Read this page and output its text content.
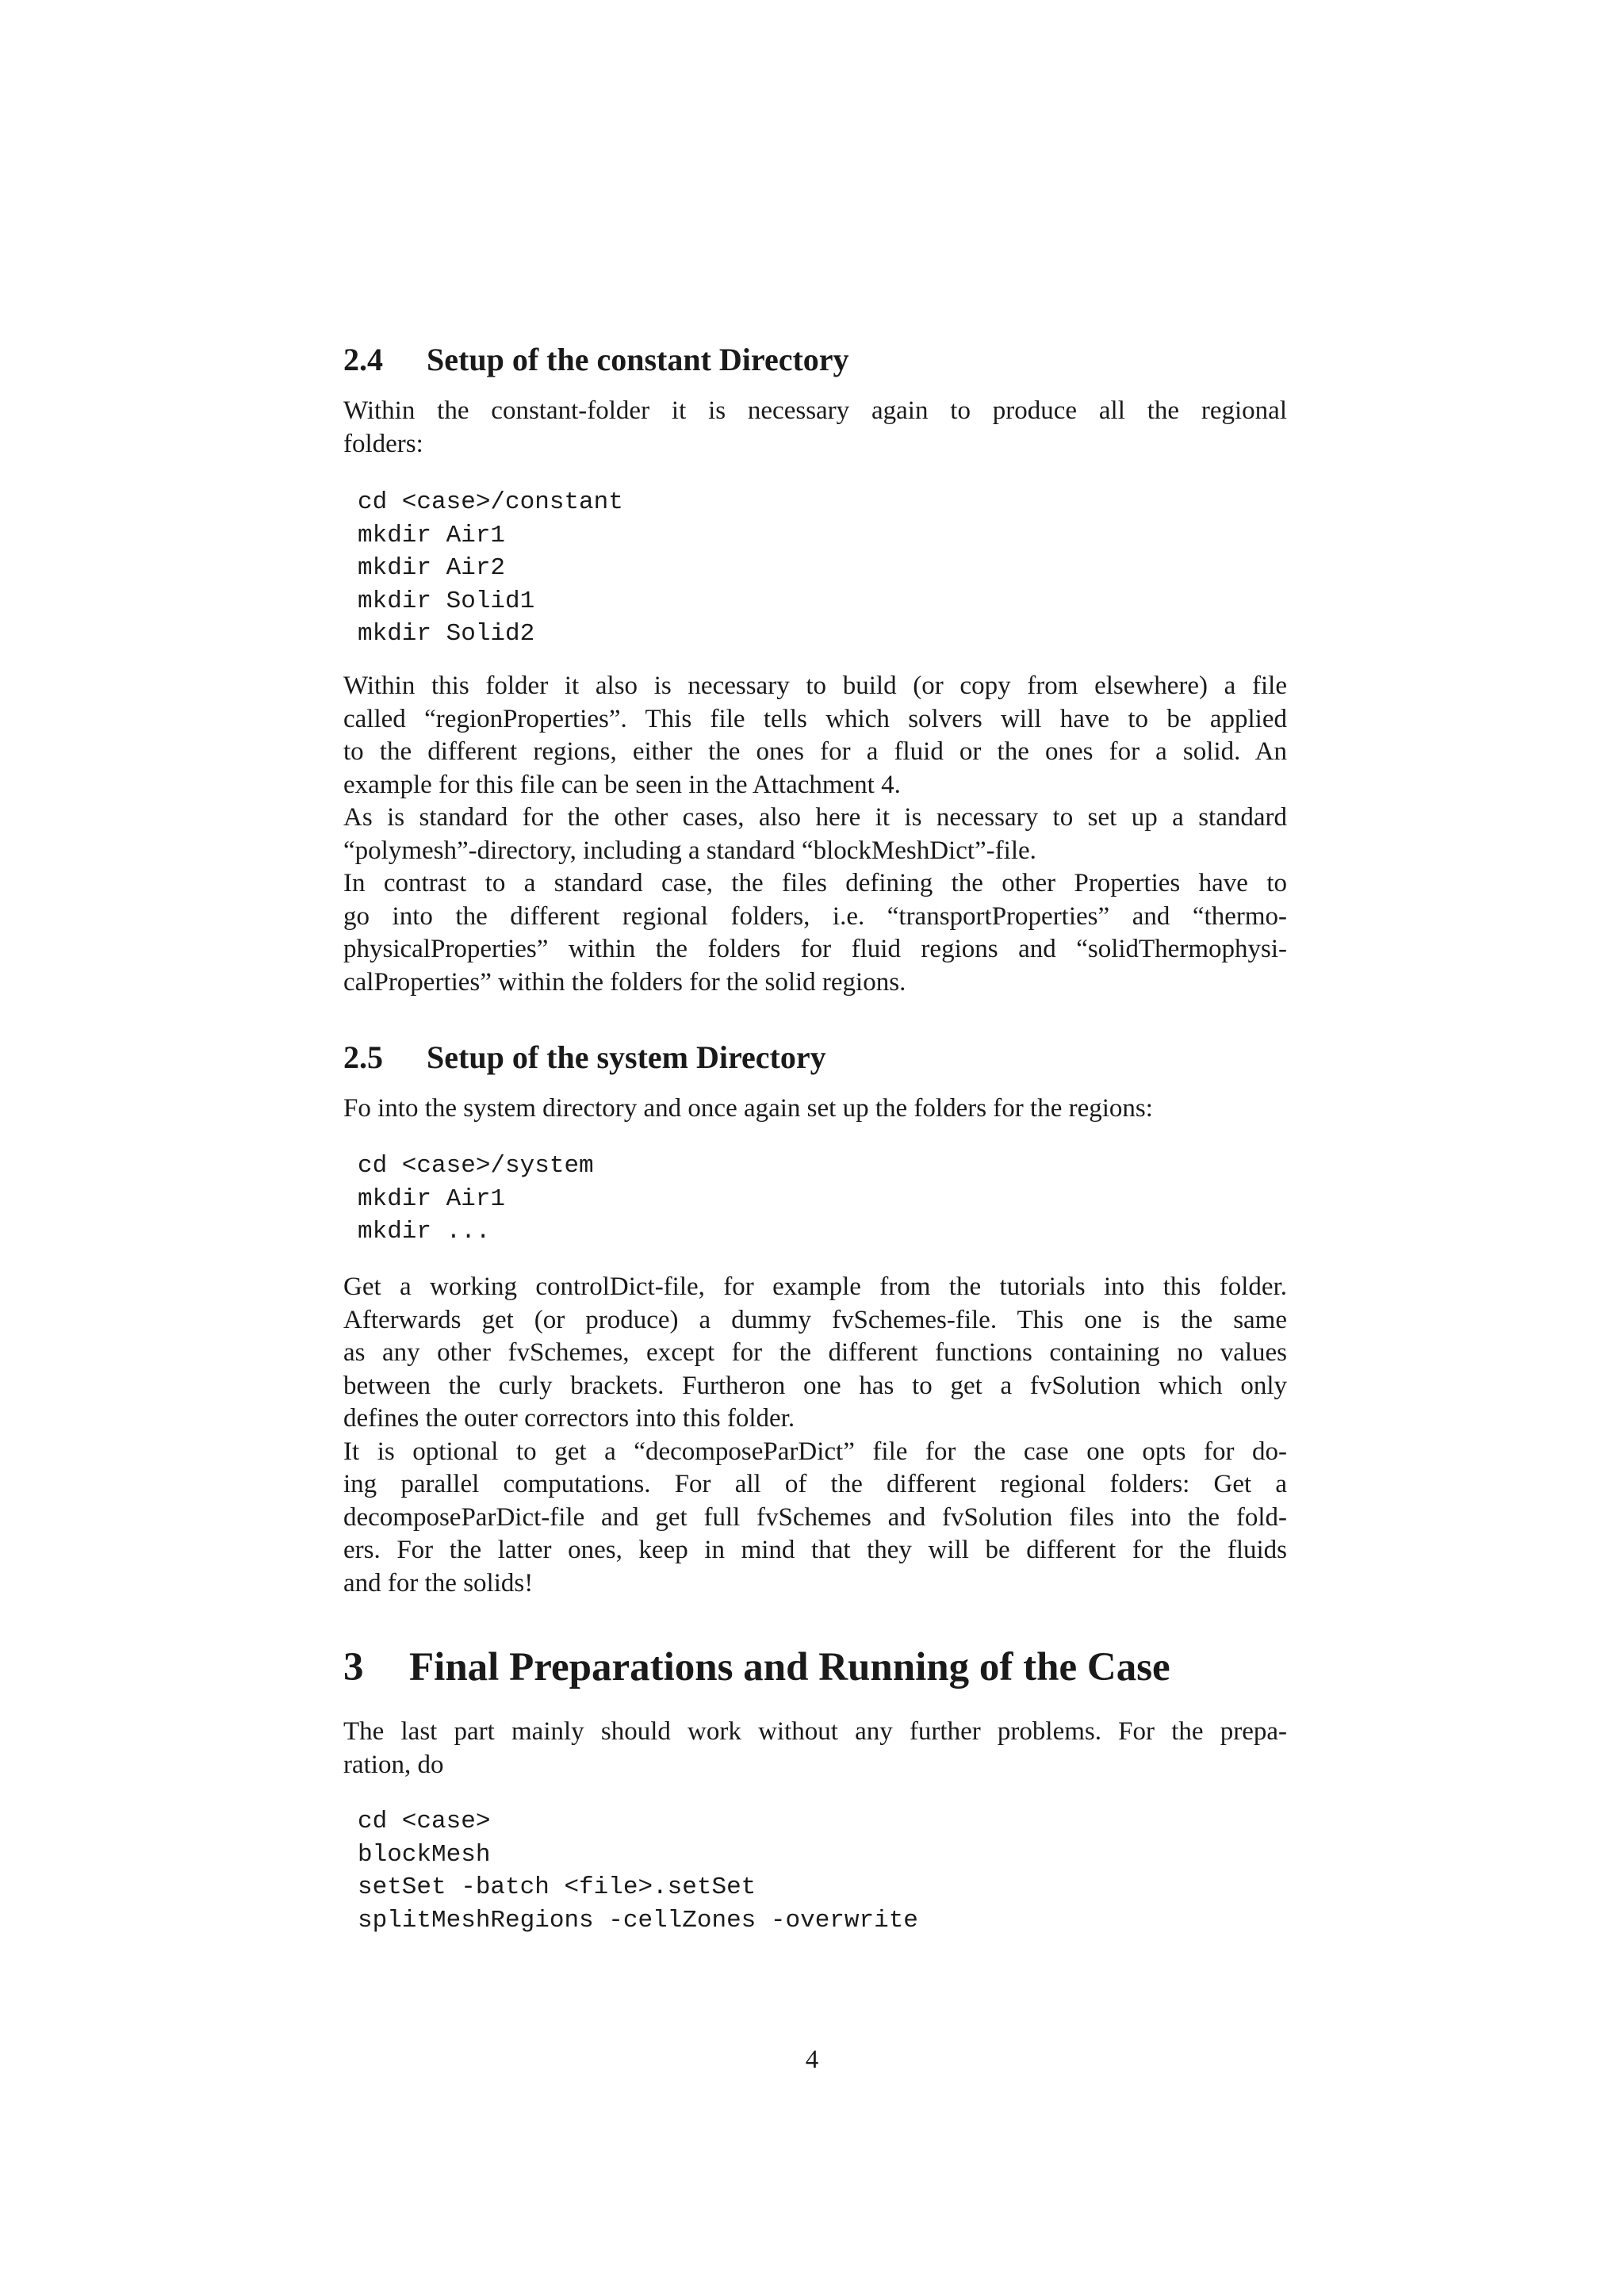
2.4 Setup of the constant Directory
Within the constant-folder it is necessary again to produce all the regional
folders:
cd <case>/constant
mkdir Air1
mkdir Air2
mkdir Solid1
mkdir Solid2
Within this folder it also is necessary to build (or copy from elsewhere) a file
called “regionProperties”. This file tells which solvers will have to be applied
to the different regions, either the ones for a fluid or the ones for a solid. An
example for this file can be seen in the Attachment 4.
As is standard for the other cases, also here it is necessary to set up a standard
“polymesh”-directory, including a standard “blockMeshDict”-file.
In contrast to a standard case, the files defining the other Properties have to
go into the different regional folders, i.e. “transportProperties” and “thermo-
physicalProperties” within the folders for fluid regions and “solidThermophysi-
calProperties” within the folders for the solid regions.
2.5 Setup of the system Directory
Fo into the system directory and once again set up the folders for the regions:
cd <case>/system
mkdir Air1
mkdir ...
Get a working controlDict-file, for example from the tutorials into this folder.
Afterwards get (or produce) a dummy fvSchemes-file. This one is the same
as any other fvSchemes, except for the different functions containing no values
between the curly brackets. Furtheron one has to get a fvSolution which only
defines the outer correctors into this folder.
It is optional to get a “decomposeParDict” file for the case one opts for do-
ing parallel computations. For all of the different regional folders: Get a
decomposeParDict-file and get full fvSchemes and fvSolution files into the fold-
ers. For the latter ones, keep in mind that they will be different for the fluids
and for the solids!
3 Final Preparations and Running of the Case
The last part mainly should work without any further problems. For the prepa-
ration, do
cd <case>
blockMesh
setSet -batch <file>.setSet
splitMeshRegions -cellZones -overwrite
4
